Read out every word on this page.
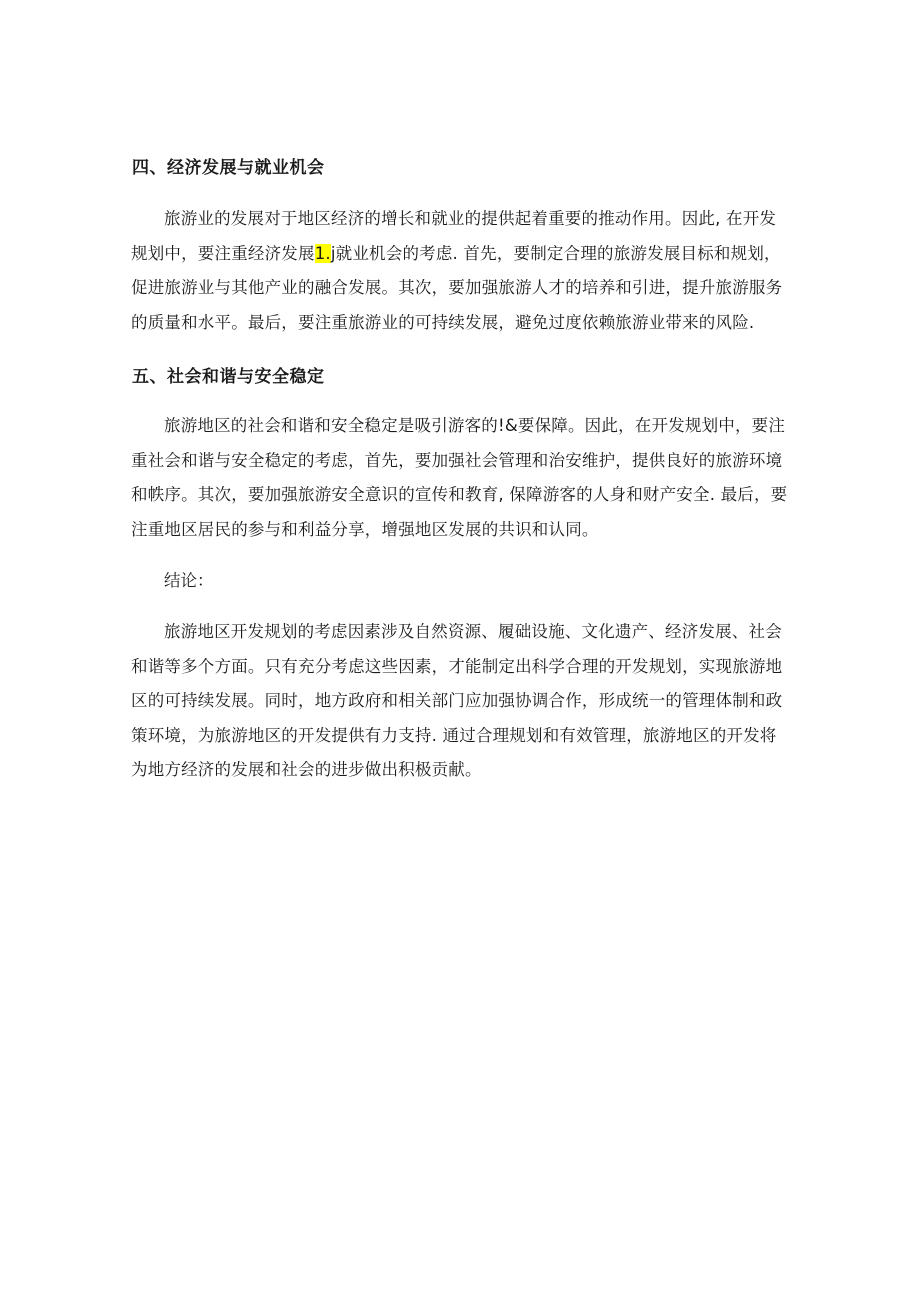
四、经济发展与就业机会
旅游业的发展对于地区经济的增长和就业的提供起着重要的推动作用。因此, 在开发
规划中，要注重经济发展1.j就业机会的考虑. 首先，要制定合理的旅游发展目标和规划，
促进旅游业与其他产业的融合发展。其次，要加强旅游人才的培养和引进，提升旅游服务
的质量和水平。最后，要注重旅游业的可持续发展，避免过度依赖旅游业带来的风险.
五、社会和谐与安全稳定
旅游地区的社会和谐和安全稳定是吸引游客的!&要保障。因此，在开发规划中，要注
重社会和谐与安全稳定的考虑，首先，要加强社会管理和治安维护，提供良好的旅游环境
和帙序。其次，要加强旅游安全意识的宣传和教育, 保障游客的人身和财产安全. 最后，要
注重地区居民的参与和利益分享，增强地区发展的共识和认同。
结论：
旅游地区开发规划的考虑因素涉及自然资源、履础设施、文化遗产、经济发展、社会
和谐等多个方面。只有充分考虑这些因素，才能制定出科学合理的开发规划，实现旅游地
区的可持续发展。同时，地方政府和相关部门应加强协调合作，形成统一的管理体制和政
策环境，为旅游地区的开发提供有力支持. 通过合理规划和有效管理，旅游地区的开发将
为地方经济的发展和社会的进步做出积极贡献。
